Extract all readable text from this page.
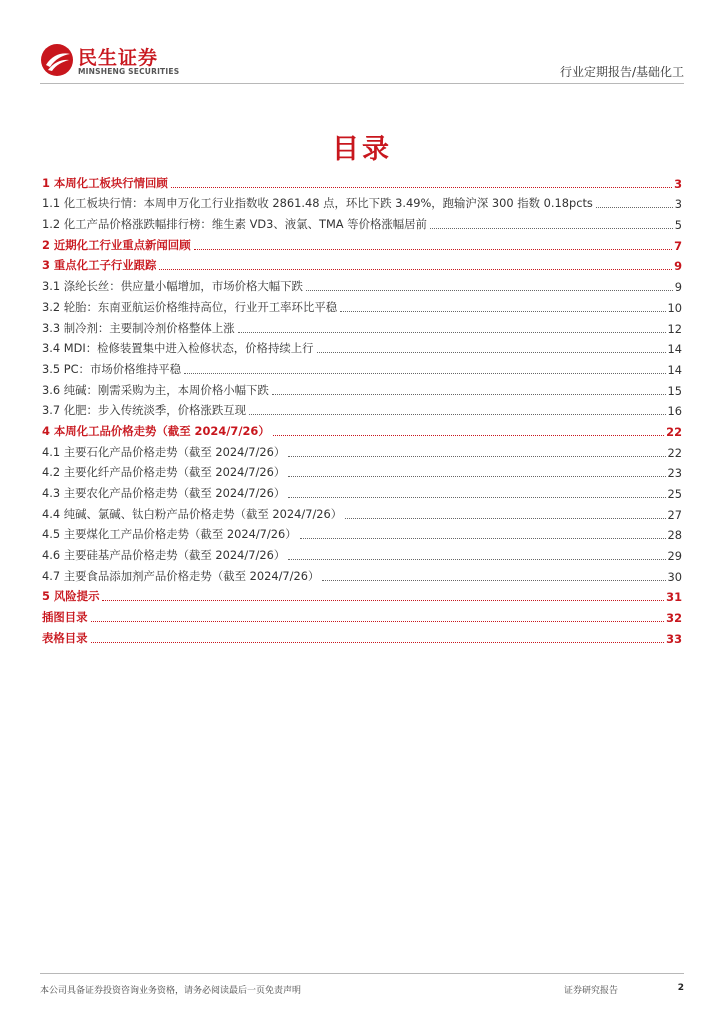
民生证券
MINSHENG SECURITIES	行业定期报告/基础化工
目录
1 本周化工板块行情回顾	3
1.1 化工板块行情：本周申万化工行业指数收 2861.48 点，环比下跌 3.49%，跑输沪深 300 指数 0.18pcts	3
1.2 化工产品价格涨跌幅排行榜：维生素 VD3、液氯、TMA 等价格涨幅居前	5
2 近期化工行业重点新闻回顾	7
3 重点化工子行业跟踪	9
3.1 涤纶长丝：供应量小幅增加，市场价格大幅下跌	9
3.2 轮胎：东南亚航运价格维持高位，行业开工率环比平稳	10
3.3 制冷剂：主要制冷剂价格整体上涨	12
3.4 MDI：检修装置集中进入检修状态，价格持续上行	14
3.5 PC：市场价格维持平稳	14
3.6 纯碱：刚需采购为主，本周价格小幅下跌	15
3.7 化肥：步入传统淡季，价格涨跌互现	16
4 本周化工品价格走势（截至 2024/7/26）	22
4.1 主要石化产品价格走势（截至 2024/7/26）	22
4.2 主要化纤产品价格走势（截至 2024/7/26）	23
4.3 主要农化产品价格走势（截至 2024/7/26）	25
4.4 纯碱、氯碱、钛白粉产品价格走势（截至 2024/7/26）	27
4.5 主要煤化工产品价格走势（截至 2024/7/26）	28
4.6 主要硅基产品价格走势（截至 2024/7/26）	29
4.7 主要食品添加剂产品价格走势（截至 2024/7/26）	30
5 风险提示	31
插图目录	32
表格目录	33
本公司具备证券投资咨询业务资格，请务必阅读最后一页免责声明	证券研究报告	2
